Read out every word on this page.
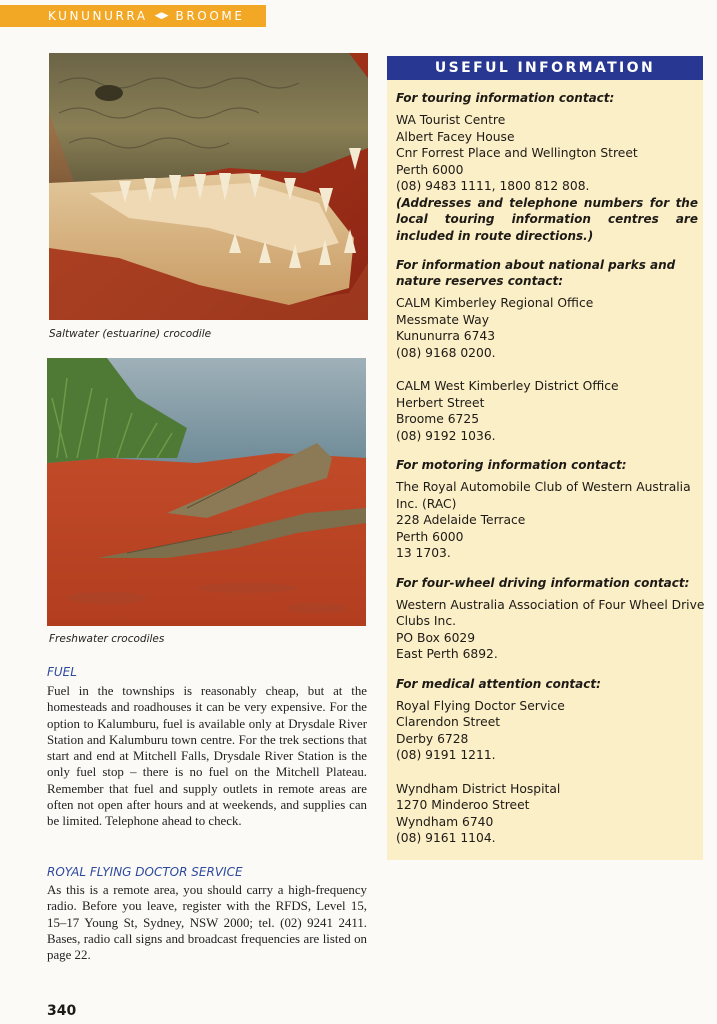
KUNUNURRA ◀▶ BROOME
Saltwater (estuarine) crocodile
Freshwater crocodiles
FUEL
Fuel in the townships is reasonably cheap, but at the homesteads and roadhouses it can be very expensive. For the option to Kalumburu, fuel is available only at Drysdale River Station and Kalumburu town centre. For the trek sections that start and end at Mitchell Falls, Drysdale River Station is the only fuel stop – there is no fuel on the Mitchell Plateau. Remember that fuel and supply outlets in remote areas are often not open after hours and at weekends, and supplies can be limited. Telephone ahead to check.
ROYAL FLYING DOCTOR SERVICE
As this is a remote area, you should carry a high-frequency radio. Before you leave, register with the RFDS, Level 15, 15–17 Young St, Sydney, NSW 2000; tel. (02) 9241 2411. Bases, radio call signs and broadcast frequencies are listed on page 22.
340
USEFUL INFORMATION
For touring information contact:
WA Tourist Centre
Albert Facey House
Cnr Forrest Place and Wellington Street
Perth 6000
(08) 9483 1111, 1800 812 808.
(Addresses and telephone numbers for the local touring information centres are included in route directions.)
For information about national parks and nature reserves contact:
CALM Kimberley Regional Office
Messmate Way
Kununurra 6743
(08) 9168 0200.
CALM West Kimberley District Office
Herbert Street
Broome 6725
(08) 9192 1036.
For motoring information contact:
The Royal Automobile Club of Western Australia
Inc. (RAC)
228 Adelaide Terrace
Perth 6000
13 1703.
For four-wheel driving information contact:
Western Australia Association of Four Wheel Drive
Clubs Inc.
PO Box 6029
East Perth 6892.
For medical attention contact:
Royal Flying Doctor Service
Clarendon Street
Derby 6728
(08) 9191 1211.
Wyndham District Hospital
1270 Minderoo Street
Wyndham 6740
(08) 9161 1104.
